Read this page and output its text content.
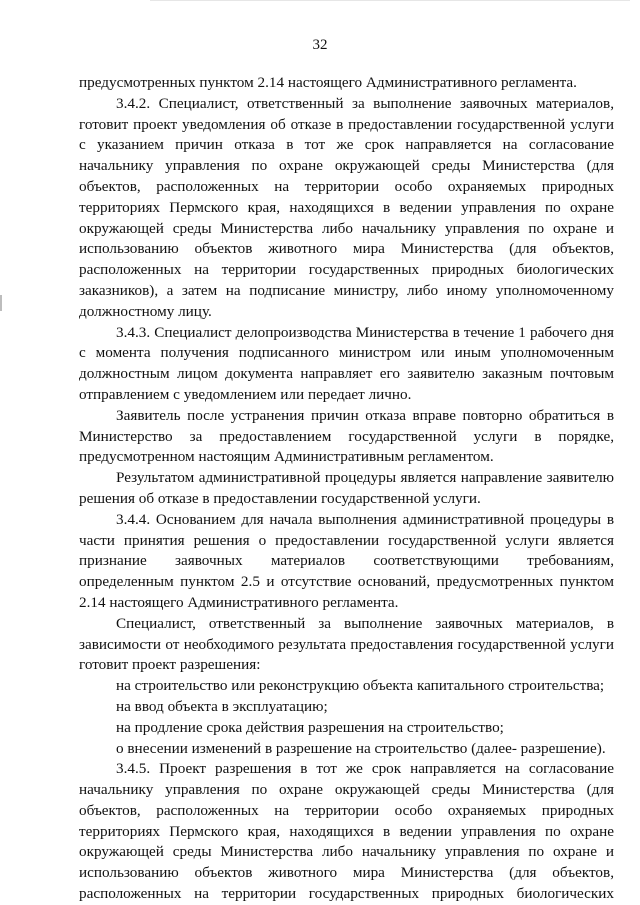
32

предусмотренных пунктом 2.14 настоящего Административного регламента.

3.4.2. Специалист, ответственный за выполнение заявочных материалов, готовит проект уведомления об отказе в предоставлении государственной услуги с указанием причин отказа в тот же срок направляется на согласование начальнику управления по охране окружающей среды Министерства (для объектов, расположенных на территории особо охраняемых природных территориях Пермского края, находящихся в ведении управления по охране окружающей среды Министерства либо начальнику управления по охране и использованию объектов животного мира Министерства (для объектов, расположенных на территории государственных природных биологических заказников), а затем на подписание министру, либо иному уполномоченному должностному лицу.

3.4.3. Специалист делопроизводства Министерства в течение 1 рабочего дня с момента получения подписанного министром или иным уполномоченным должностным лицом документа направляет его заявителю заказным почтовым отправлением с уведомлением или передает лично.

Заявитель после устранения причин отказа вправе повторно обратиться в Министерство за предоставлением государственной услуги в порядке, предусмотренном настоящим Административным регламентом.

Результатом административной процедуры является направление заявителю решения об отказе в предоставлении государственной услуги.

3.4.4. Основанием для начала выполнения административной процедуры в части принятия решения о предоставлении государственной услуги является признание заявочных материалов соответствующими требованиям, определенным пунктом 2.5 и отсутствие оснований, предусмотренных пунктом 2.14 настоящего Административного регламента.

Специалист, ответственный за выполнение заявочных материалов, в зависимости от необходимого результата предоставления государственной услуги готовит проект разрешения:

на строительство или реконструкцию объекта капитального строительства;

на ввод объекта в эксплуатацию;

на продление срока действия разрешения на строительство;

о внесении изменений в разрешение на строительство (далее- разрешение).

3.4.5. Проект разрешения в тот же срок направляется на согласование начальнику управления по охране окружающей среды Министерства (для объектов, расположенных на территории особо охраняемых природных территориях Пермского края, находящихся в ведении управления по охране окружающей среды Министерства либо начальнику управления по охране и использованию объектов животного мира Министерства (для объектов, расположенных на территории государственных природных биологических
